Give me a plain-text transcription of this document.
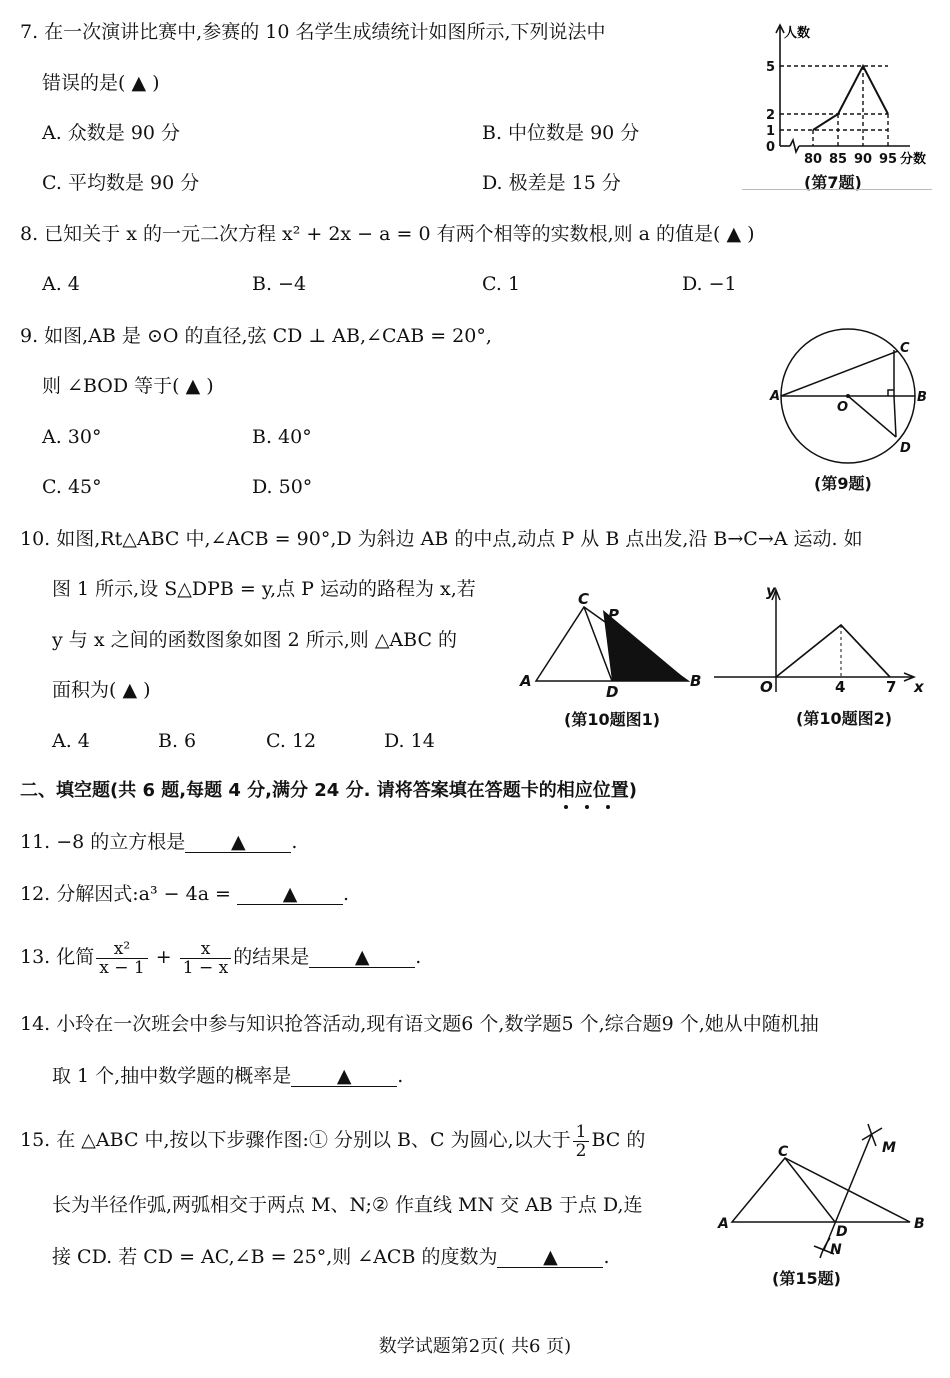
7. 在一次演讲比赛中,参赛的 10 名学生成绩统计如图所示,下列说法中
错误的是( ▲ )
A. 众数是 90 分	B. 中位数是 90 分
C. 平均数是 90 分	D. 极差是 15 分
0
1
2
5
80 85 90 95
人数
分数
(第7题)
8. 已知关于 x 的一元二次方程 x² + 2x − a = 0 有两个相等的实数根,则 a 的值是( ▲ )
A. 4	B. −4	C. 1	D. −1
9. 如图,AB 是 ⊙O 的直径,弦 CD ⊥ AB,∠CAB = 20°,
则 ∠BOD 等于( ▲ )
A. 30°	B. 40°
C. 45°	D. 50°
A	B
C
D
O
(第9题)
10. 如图,Rt△ABC 中,∠ACB = 90°,D 为斜边 AB 的中点,动点 P 从 B 点出发,沿 B→C→A 运动. 如
图 1 所示,设 S△DPB = y,点 P 运动的路程为 x,若
y 与 x 之间的函数图象如图 2 所示,则 △ABC 的
面积为( ▲ )
A. 4	B. 6	C. 12	D. 14
A	B
C
D
P
(第10题图1)
y
O	4	7 x
(第10题图2)
二、填空题(共 6 题,每题 4 分,满分 24 分. 请将答案填在答题卡的相应位置)
11. −8 的立方根是 ▲ .
12. 分解因式:a³ − 4a =	▲ .
13. 化简 $\frac{\text{x²}}{x - 1} + \frac{x}{1 - x}$ 的结果是 ▲ .
14. 小玲在一次班会中参与知识抢答活动,现有语文题6 个,数学题5 个,综合题9 个,她从中随机抽
取 1 个,抽中数学题的概率是 ▲ .
15. 在 △ABC 中,按以下步骤作图:① 分别以 B、C 为圆心,以大于 $\frac{1}{2}$ BC 的
长为半径作弧,两弧相交于两点 M、N;② 作直线 MN 交 AB 于点 D,连
接 CD. 若 CD = AC,∠B = 25°,则 ∠ACB 的度数为 ▲ .
A	B
C
D
M
N
(第15题)
数学试题第2页( 共6 页)
